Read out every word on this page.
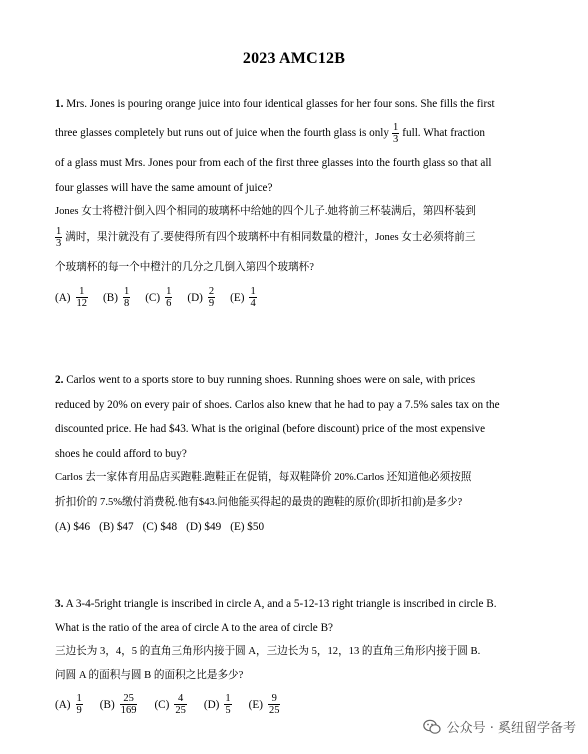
2023 AMC12B
1. Mrs. Jones is pouring orange juice into four identical glasses for her four sons. She fills the first
three glasses completely but runs out of juice when the fourth glass is only $\frac{1}{3}$ full. What fraction
of a glass must Mrs. Jones pour from each of the first three glasses into the fourth glass so that all
four glasses will have the same amount of juice?
Jones 女士将橙汁倒入四个相同的玻璃杯中给她的四个儿子.她将前三杯装满后，第四杯装到
$\frac{1}{3}$ 满时，果汁就没有了.要使得所有四个玻璃杯中有相同数量的橙汁，Jones 女士必须将前三
个玻璃杯的每一个中橙汁的几分之几倒入第四个玻璃杯?
$(A) \frac{1}{12} (B) \frac{1}{8} (C) \frac{1}{6} (D) \frac{2}{9} (E) \frac{1}{4}$
2. Carlos went to a sports store to buy running shoes. Running shoes were on sale, with prices
reduced by 20% on every pair of shoes. Carlos also knew that he had to pay a 7.5% sales tax on the
discounted price. He had $43. What is the original (before discount) price of the most expensive
shoes he could afford to buy?
Carlos 去一家体育用品店买跑鞋.跑鞋正在促销，每双鞋降价 20%.Carlos 还知道他必须按照
折扣价的 7.5%缴付消费税.他有$43.问他能买得起的最贵的跑鞋的原价(即折扣前)是多少?
(A) $46 (B) $47 (C) $48 (D) $49 (E) $50
3. A 3-4-5right triangle is inscribed in circle A, and a 5-12-13 right triangle is inscribed in circle B.
What is the ratio of the area of circle A to the area of circle B?
三边长为 3，4，5 的直角三角形内接于圆 A，三边长为 5，12，13 的直角三角形内接于圆 B.
问圆 A 的面积与圆 B 的面积之比是多少?
$(A) \frac{1}{9} (B) \frac{25}{169} (C) \frac{4}{25} (D) \frac{1}{5} (E) \frac{9}{25}$
公众号 · 奚纽留学备考
